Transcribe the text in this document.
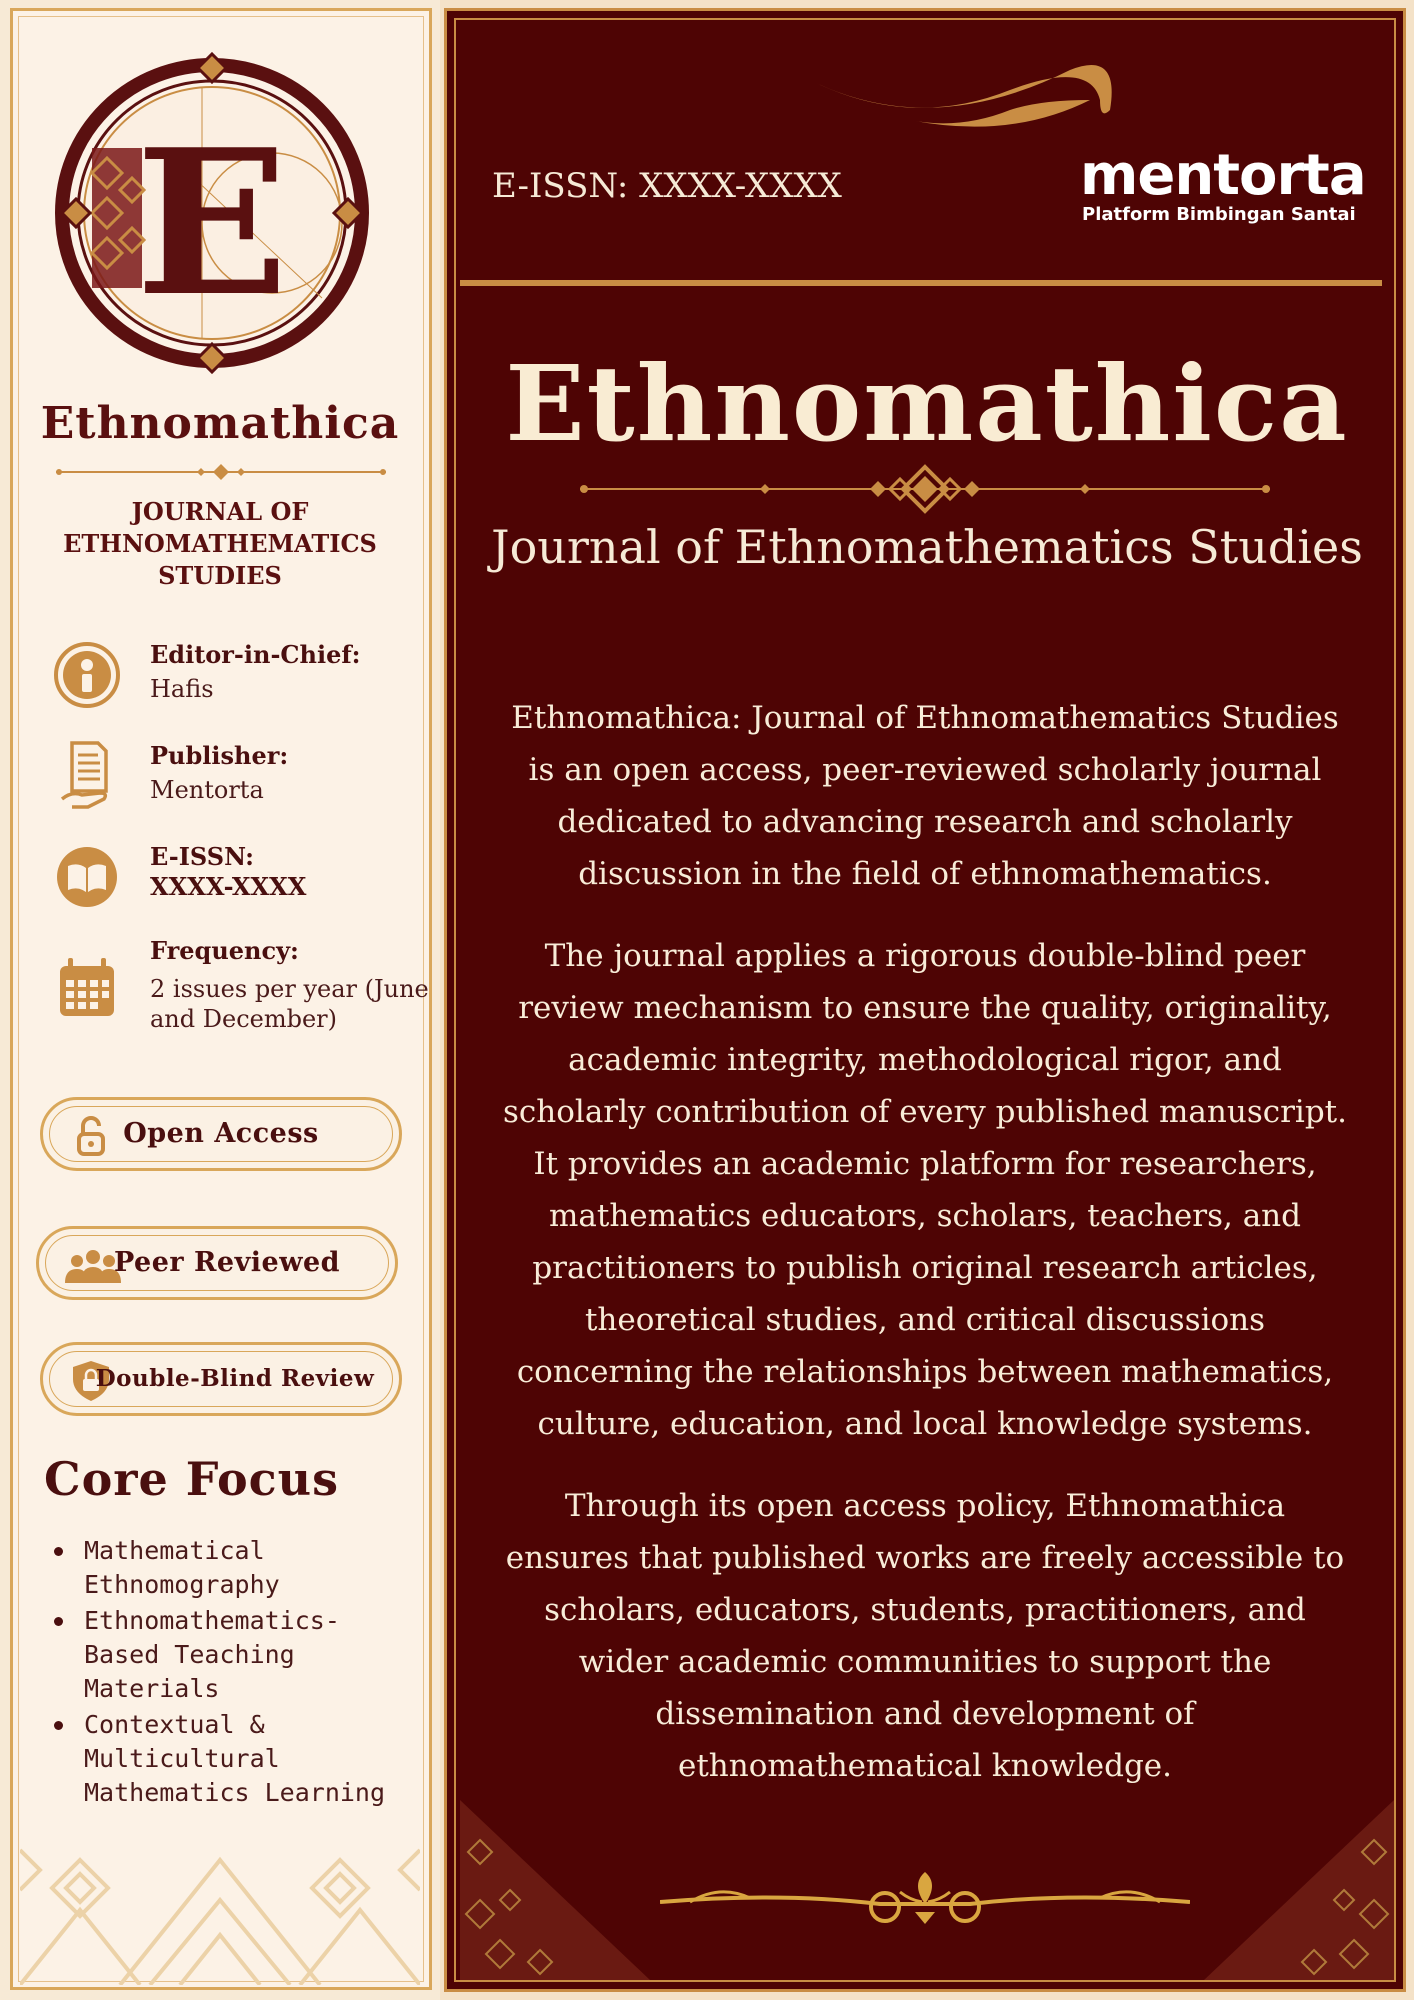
E
Ethnomathica
JOURNAL OF ETHNOMATHEMATICS STUDIES
Editor-in-Chief:
Hafis
Publisher:
Mentorta
E-ISSN:
XXXX-XXXX
Frequency:
2 issues per year (June and December)
Open Access
Peer Reviewed
Double-Blind Review
Core Focus
Mathematical Ethnomography
Ethnomathematics-Based Teaching Materials
Contextual & Multicultural Mathematics Learning
E-ISSN: XXXX-XXXX	mentorta
Platform Bimbingan Santai
Ethnomathica
Journal of Ethnomathematics Studies
Ethnomathica: Journal of Ethnomathematics Studies is an open access, peer-reviewed scholarly journal dedicated to advancing research and scholarly discussion in the field of ethnomathematics.
The journal applies a rigorous double-blind peer review mechanism to ensure the quality, originality, academic integrity, methodological rigor, and scholarly contribution of every published manuscript. It provides an academic platform for researchers, mathematics educators, scholars, teachers, and practitioners to publish original research articles, theoretical studies, and critical discussions concerning the relationships between mathematics, culture, education, and local knowledge systems.
Through its open access policy, Ethnomathica ensures that published works are freely accessible to scholars, educators, students, practitioners, and wider academic communities to support the dissemination and development of ethnomathematical knowledge.
